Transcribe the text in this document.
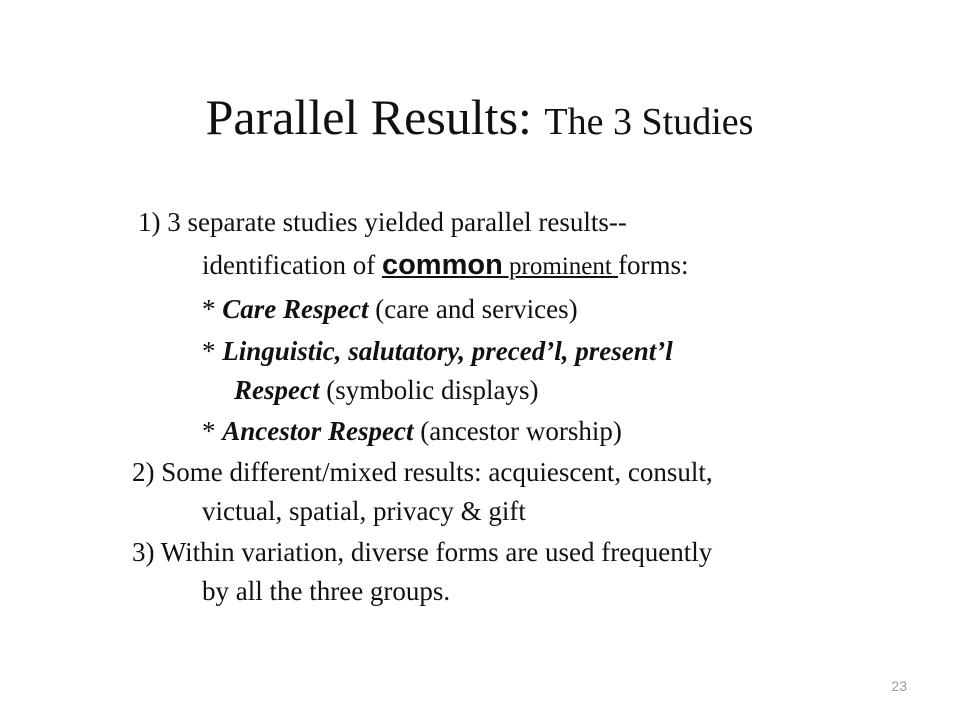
Parallel Results: The 3 Studies
1) 3 separate studies yielded parallel results--
identification of common prominent forms:
* Care Respect (care and services)
* Linguistic, salutatory, preced’l, present’l
Respect (symbolic displays)
* Ancestor Respect (ancestor worship)
2) Some different/mixed results: acquiescent, consult,
victual, spatial, privacy & gift
3) Within variation, diverse forms are used frequently
by all the three groups.
23
